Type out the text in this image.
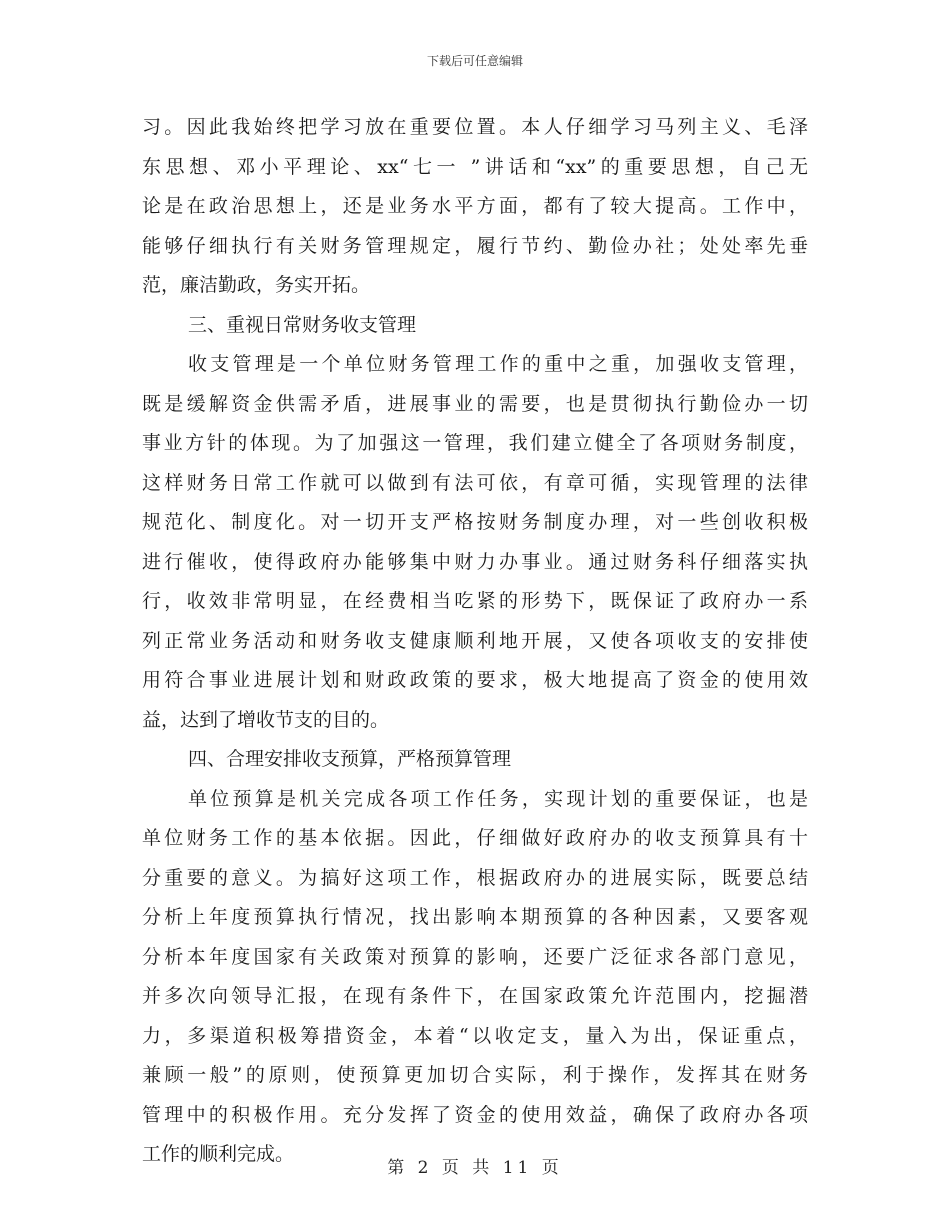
下载后可任意编辑
习。因此我始终把学习放在重要位置。本人仔细学习马列主义、毛泽
东思想、邓小平理论、xx“七一 ”讲话和“xx”的重要思想，自己无
论是在政治思想上，还是业务水平方面，都有了较大提高。工作中，
能够仔细执行有关财务管理规定，履行节约、勤俭办社；处处率先垂
范，廉洁勤政，务实开拓。
三、重视日常财务收支管理
收支管理是一个单位财务管理工作的重中之重，加强收支管理，
既是缓解资金供需矛盾，进展事业的需要，也是贯彻执行勤俭办一切
事业方针的体现。为了加强这一管理，我们建立健全了各项财务制度，
这样财务日常工作就可以做到有法可依，有章可循，实现管理的法律
规范化、制度化。对一切开支严格按财务制度办理，对一些创收积极
进行催收，使得政府办能够集中财力办事业。通过财务科仔细落实执
行，收效非常明显，在经费相当吃紧的形势下，既保证了政府办一系
列正常业务活动和财务收支健康顺利地开展，又使各项收支的安排使
用符合事业进展计划和财政政策的要求，极大地提高了资金的使用效
益，达到了增收节支的目的。
四、合理安排收支预算，严格预算管理
单位预算是机关完成各项工作任务，实现计划的重要保证，也是
单位财务工作的基本依据。因此，仔细做好政府办的收支预算具有十
分重要的意义。为搞好这项工作，根据政府办的进展实际，既要总结
分析上年度预算执行情况，找出影响本期预算的各种因素，又要客观
分析本年度国家有关政策对预算的影响，还要广泛征求各部门意见，
并多次向领导汇报，在现有条件下，在国家政策允许范围内，挖掘潜
力，多渠道积极筹措资金，本着“以收定支，量入为出，保证重点，
兼顾一般”的原则，使预算更加切合实际，利于操作，发挥其在财务
管理中的积极作用。充分发挥了资金的使用效益，确保了政府办各项
工作的顺利完成。
第 2 页 共 11 页
